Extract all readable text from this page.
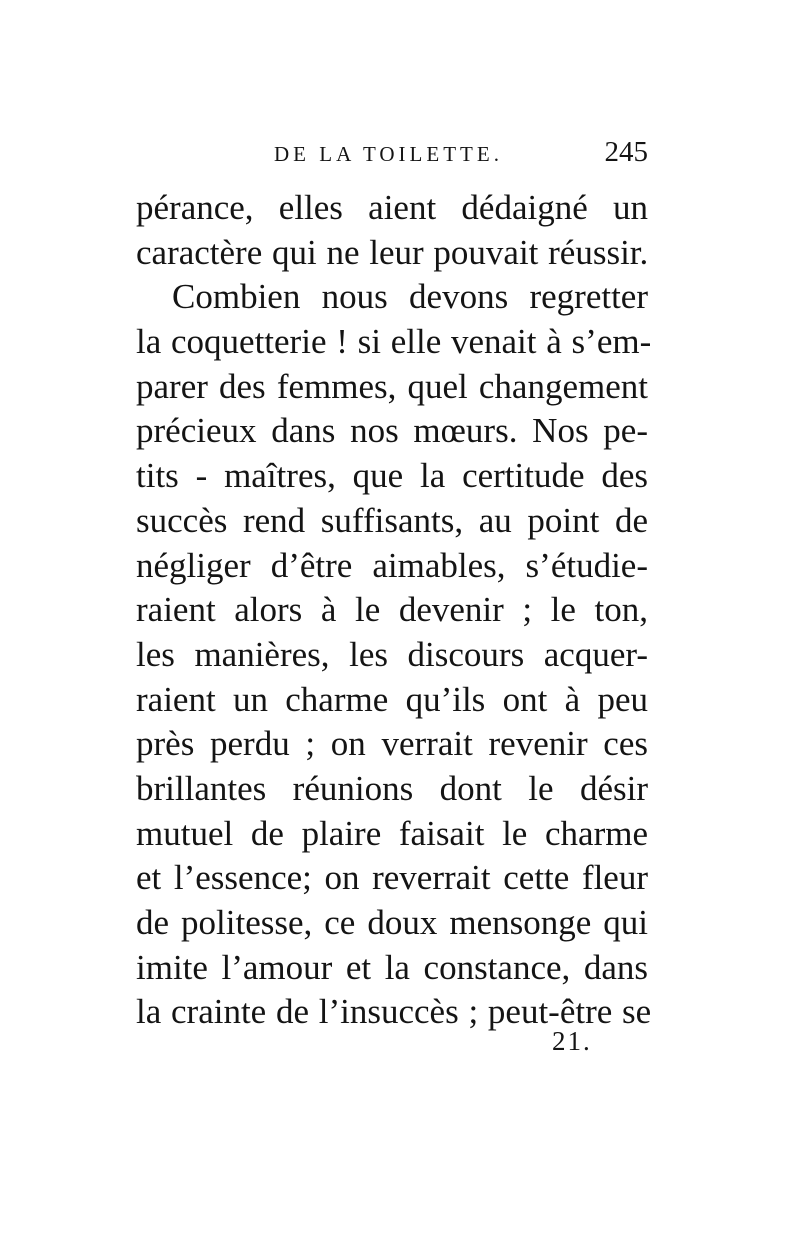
DE LA TOILETTE.	245
pérance, elles aient dédaigné un
caractère qui ne leur pouvait réussir.
Combien nous devons regretter
la coquetterie ! si elle venait à s’em-
parer des femmes, quel changement
précieux dans nos mœurs. Nos pe-
tits - maîtres, que la certitude des
succès rend suffisants, au point de
négliger d’être aimables, s’étudie-
raient alors à le devenir ; le ton,
les manières, les discours acquer-
raient un charme qu’ils ont à peu
près perdu ; on verrait revenir ces
brillantes réunions dont le désir
mutuel de plaire faisait le charme
et l’essence; on reverrait cette fleur
de politesse, ce doux mensonge qui
imite l’amour et la constance, dans
la crainte de l’insuccès ; peut-être se
21.
